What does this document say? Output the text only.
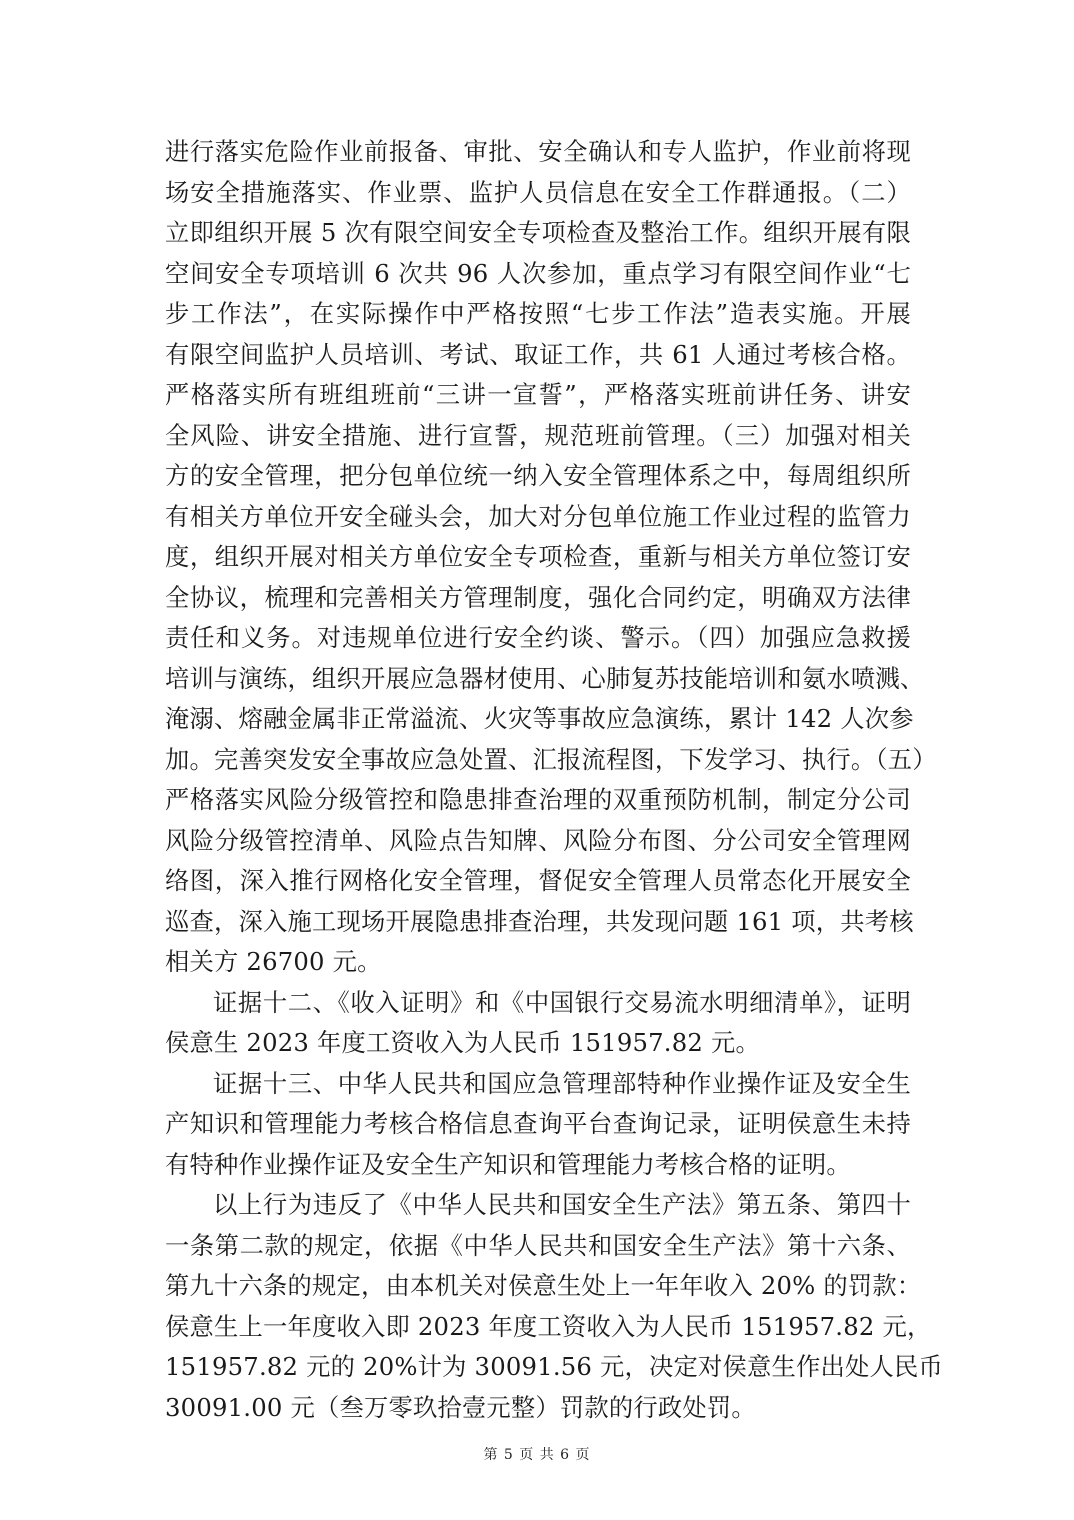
进行落实危险作业前报备、审批、安全确认和专人监护，作业前将现
场安全措施落实、作业票、监护人员信息在安全工作群通报。（二）
立即组织开展 5 次有限空间安全专项检查及整治工作。组织开展有限
空间安全专项培训 6 次共 96 人次参加，重点学习有限空间作业“七
步工作法”，在实际操作中严格按照“七步工作法”造表实施。开展
有限空间监护人员培训、考试、取证工作，共 61 人通过考核合格。
严格落实所有班组班前“三讲一宣誓”，严格落实班前讲任务、讲安
全风险、讲安全措施、进行宣誓，规范班前管理。（三）加强对相关
方的安全管理，把分包单位统一纳入安全管理体系之中，每周组织所
有相关方单位开安全碰头会，加大对分包单位施工作业过程的监管力
度，组织开展对相关方单位安全专项检查，重新与相关方单位签订安
全协议，梳理和完善相关方管理制度，强化合同约定，明确双方法律
责任和义务。对违规单位进行安全约谈、警示。（四）加强应急救援
培训与演练，组织开展应急器材使用、心肺复苏技能培训和氨水喷溅、
淹溺、熔融金属非正常溢流、火灾等事故应急演练，累计 142 人次参
加。完善突发安全事故应急处置、汇报流程图，下发学习、执行。（五）
严格落实风险分级管控和隐患排查治理的双重预防机制，制定分公司
风险分级管控清单、风险点告知牌、风险分布图、分公司安全管理网
络图，深入推行网格化安全管理，督促安全管理人员常态化开展安全
巡查，深入施工现场开展隐患排查治理，共发现问题 161 项，共考核
相关方 26700 元。
证据十二、《收入证明》和《中国银行交易流水明细清单》，证明
侯意生 2023 年度工资收入为人民币 151957.82 元。
证据十三、中华人民共和国应急管理部特种作业操作证及安全生
产知识和管理能力考核合格信息查询平台查询记录，证明侯意生未持
有特种作业操作证及安全生产知识和管理能力考核合格的证明。
以上行为违反了《中华人民共和国安全生产法》第五条、第四十
一条第二款的规定，依据《中华人民共和国安全生产法》第十六条、
第九十六条的规定，由本机关对侯意生处上一年年收入 20% 的罚款：
侯意生上一年度收入即 2023 年度工资收入为人民币 151957.82 元，
151957.82 元的 20%计为 30091.56 元，决定对侯意生作出处人民币
30091.00 元（叁万零玖拾壹元整）罚款的行政处罚。
第 5 页 共 6 页
